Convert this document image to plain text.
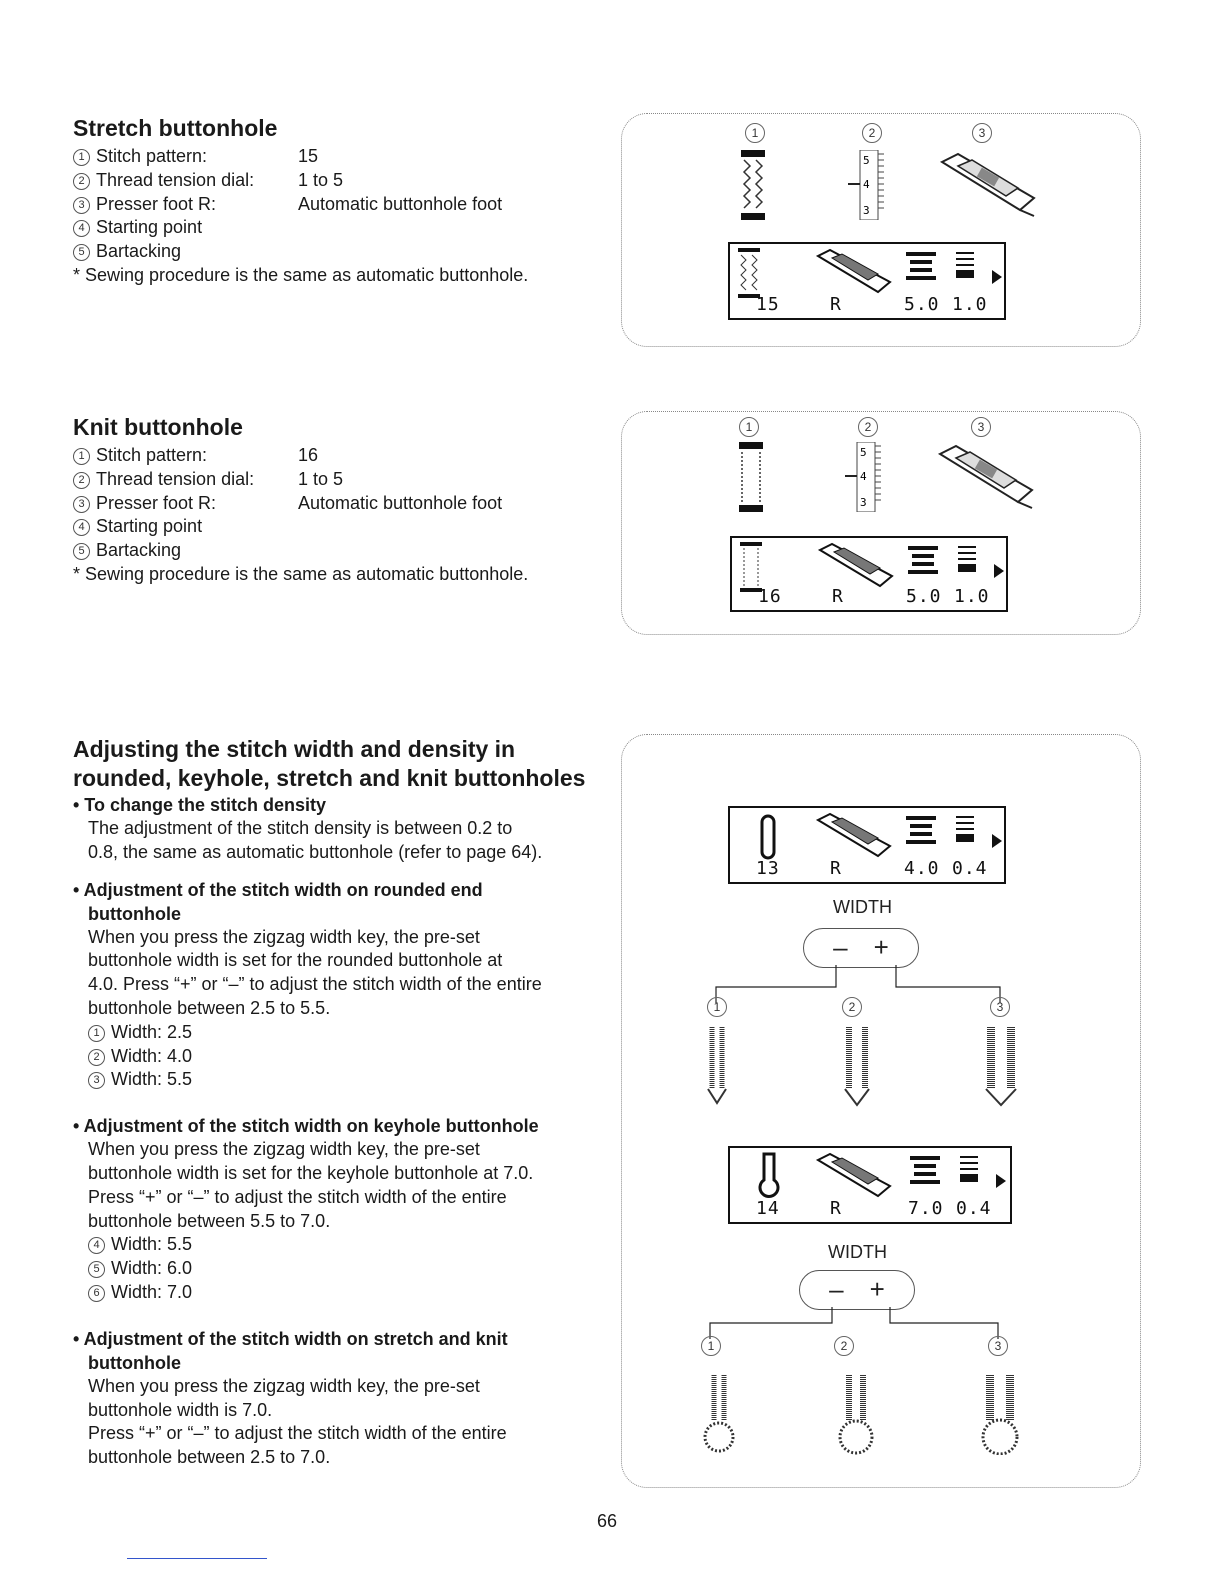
Stretch buttonhole
1 Stitch pattern:	15
2 Thread tension dial:	1 to 5
3 Presser foot R:	Automatic buttonhole foot
4 Starting point
5 Bartacking
* Sewing procedure is the same as automatic buttonhole.
1	2	3
5
4
3
15	R	5.0 1.0
Knit buttonhole
1 Stitch pattern:	16
2 Thread tension dial:	1 to 5
3 Presser foot R:	Automatic buttonhole foot
4 Starting point
5 Bartacking
* Sewing procedure is the same as automatic buttonhole.
1	2	3
5
4
3
16	R	5.0 1.0
Adjusting the stitch width and density in
rounded, keyhole, stretch and knit buttonholes
• To change the stitch density
The adjustment of the stitch density is between 0.2 to
0.8, the same as automatic buttonhole (refer to page 64).
• Adjustment of the stitch width on rounded end
buttonhole
When you press the zigzag width key, the pre-set
buttonhole width is set for the rounded buttonhole at
4.0. Press “+” or “–” to adjust the stitch width of the entire
buttonhole between 2.5 to 5.5.
1 Width: 2.5
2 Width: 4.0
3 Width: 5.5
• Adjustment of the stitch width on keyhole buttonhole
When you press the zigzag width key, the pre-set
buttonhole width is set for the keyhole buttonhole at 7.0.
Press “+” or “–” to adjust the stitch width of the entire
buttonhole between 5.5 to 7.0.
4 Width: 5.5
5 Width: 6.0
6 Width: 7.0
• Adjustment of the stitch width on stretch and knit
buttonhole
When you press the zigzag width key, the pre-set
buttonhole width is 7.0.
Press “+” or “–” to adjust the stitch width of the entire
buttonhole between 2.5 to 7.0.
13	R	4.0 0.4
WIDTH
– +
1	2	3
14	R	7.0 0.4
WIDTH
– +
1	2	3
66
